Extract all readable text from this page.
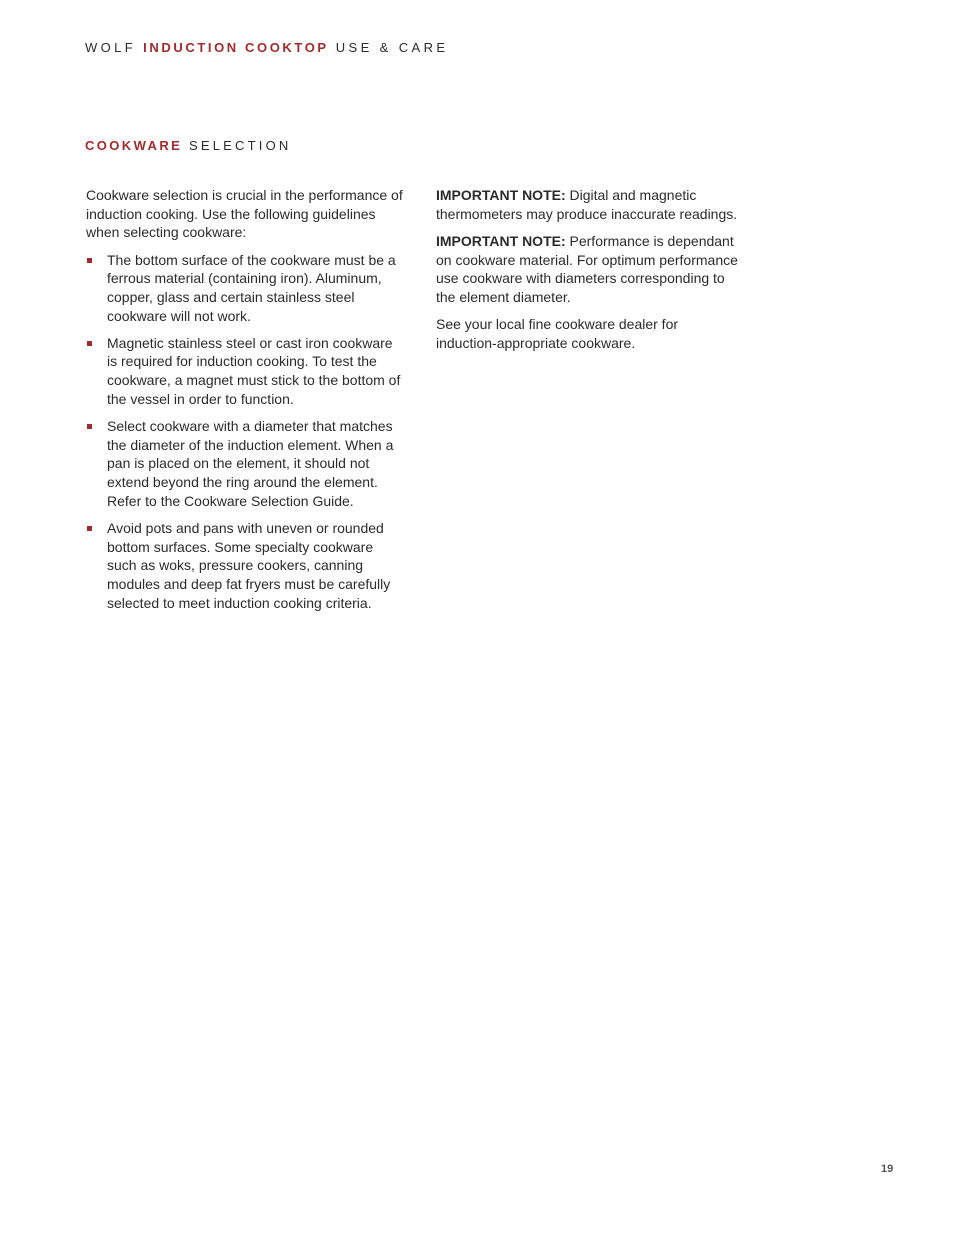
WOLF INDUCTION COOKTOP USE & CARE
COOKWARE SELECTION

Cookware selection is crucial in the performance of induction cooking. Use the following guidelines when selecting cookware:

The bottom surface of the cookware must be a ferrous material (containing iron). Aluminum, copper, glass and certain stainless steel cookware will not work.
Magnetic stainless steel or cast iron cookware is required for induction cooking. To test the cookware, a magnet must stick to the bottom of the vessel in order to function.
Select cookware with a diameter that matches the diameter of the induction element. When a pan is placed on the element, it should not extend beyond the ring around the element. Refer to the Cookware Selection Guide.
Avoid pots and pans with uneven or rounded bottom surfaces. Some specialty cookware such as woks, pressure cookers, canning modules and deep fat fryers must be carefully selected to meet induction cooking criteria.

IMPORTANT NOTE: Digital and magnetic thermometers may produce inaccurate readings.

IMPORTANT NOTE: Performance is dependant on cookware material. For optimum performance use cookware with diameters corresponding to the element diameter.

See your local fine cookware dealer for induction-appropriate cookware.

19
